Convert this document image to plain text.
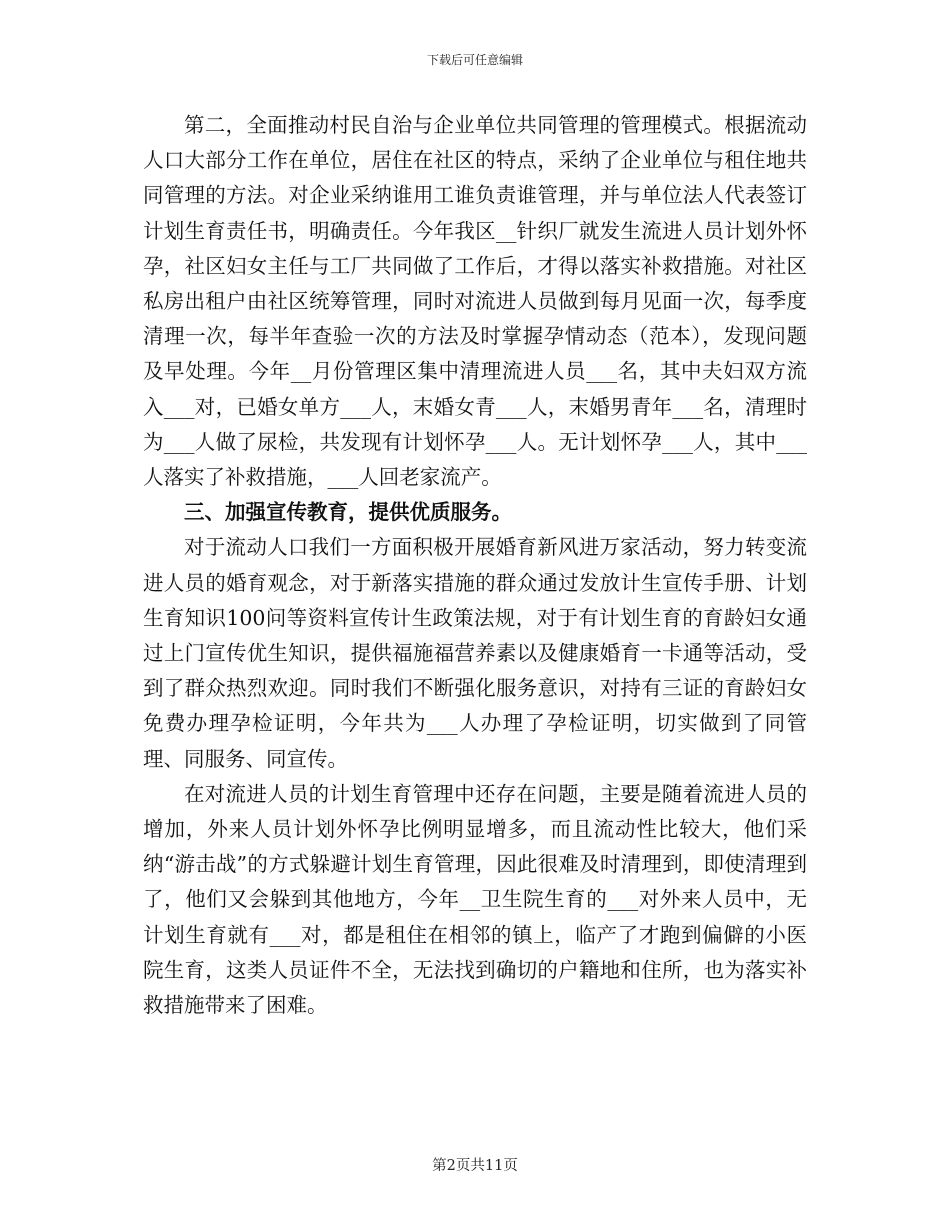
下载后可任意编辑

第二，全面推动村民自治与企业单位共同管理的管理模式。根据流动人口大部分工作在单位，居住在社区的特点，采纳了企业单位与租住地共同管理的方法。对企业采纳谁用工谁负责谁管理，并与单位法人代表签订计划生育责任书，明确责任。今年我区__针织厂就发生流进人员计划外怀孕，社区妇女主任与工厂共同做了工作后，才得以落实补救措施。对社区私房出租户由社区统筹管理，同时对流进人员做到每月见面一次，每季度清理一次，每半年查验一次的方法及时掌握孕情动态（范本），发现问题及早处理。今年__月份管理区集中清理流进人员___名，其中夫妇双方流入___对，已婚女单方___人，末婚女青___人，末婚男青年___名，清理时为___人做了尿检，共发现有计划怀孕___人。无计划怀孕___人，其中___人落实了补救措施，___人回老家流产。

三、加强宣传教育，提供优质服务。

对于流动人口我们一方面积极开展婚育新风进万家活动，努力转变流进人员的婚育观念，对于新落实措施的群众通过发放计生宣传手册、计划生育知识100问等资料宣传计生政策法规，对于有计划生育的育龄妇女通过上门宣传优生知识，提供福施福营养素以及健康婚育一卡通等活动，受到了群众热烈欢迎。同时我们不断强化服务意识，对持有三证的育龄妇女免费办理孕检证明，今年共为___人办理了孕检证明，切实做到了同管理、同服务、同宣传。

在对流进人员的计划生育管理中还存在问题，主要是随着流进人员的增加，外来人员计划外怀孕比例明显增多，而且流动性比较大，他们采纳“游击战”的方式躲避计划生育管理，因此很难及时清理到，即使清理到了，他们又会躲到其他地方，今年__卫生院生育的___对外来人员中，无计划生育就有___对，都是租住在相邻的镇上，临产了才跑到偏僻的小医院生育，这类人员证件不全，无法找到确切的户籍地和住所，也为落实补救措施带来了困难。

第2页共11页
